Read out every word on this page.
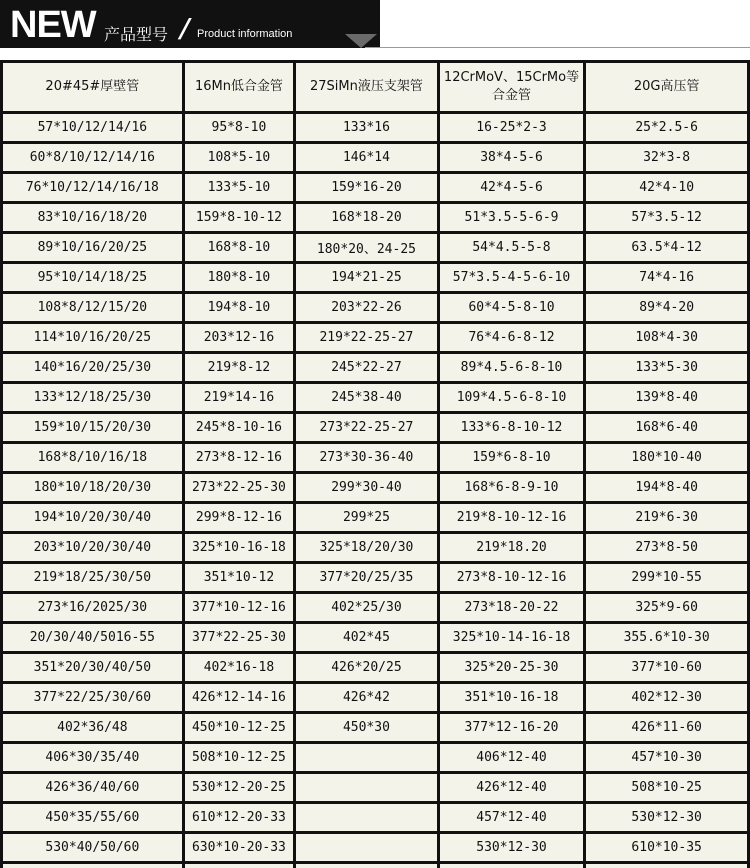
NEW 产品型号 / Product information
20#45#厚壁管	16Mn低合金管	27SiMn液压支架管	12CrMoV、15CrMo等合金管	20G高压管
57*10/12/14/16	95*8-10	133*16	16-25*2-3	25*2.5-6
60*8/10/12/14/16	108*5-10	146*14	38*4-5-6	32*3-8
76*10/12/14/16/18	133*5-10	159*16-20	42*4-5-6	42*4-10
83*10/16/18/20	159*8-10-12	168*18-20	51*3.5-5-6-9	57*3.5-12
89*10/16/20/25	168*8-10	180*20、24-25	54*4.5-5-8	63.5*4-12
95*10/14/18/25	180*8-10	194*21-25	57*3.5-4-5-6-10	74*4-16
108*8/12/15/20	194*8-10	203*22-26	60*4-5-8-10	89*4-20
114*10/16/20/25	203*12-16	219*22-25-27	76*4-6-8-12	108*4-30
140*16/20/25/30	219*8-12	245*22-27	89*4.5-6-8-10	133*5-30
133*12/18/25/30	219*14-16	245*38-40	109*4.5-6-8-10	139*8-40
159*10/15/20/30	245*8-10-16	273*22-25-27	133*6-8-10-12	168*6-40
168*8/10/16/18	273*8-12-16	273*30-36-40	159*6-8-10	180*10-40
180*10/18/20/30	273*22-25-30	299*30-40	168*6-8-9-10	194*8-40
194*10/20/30/40	299*8-12-16	299*25	219*8-10-12-16	219*6-30
203*10/20/30/40	325*10-16-18	325*18/20/30	219*18.20	273*8-50
219*18/25/30/50	351*10-12	377*20/25/35	273*8-10-12-16	299*10-55
273*16/2025/30	377*10-12-16	402*25/30	273*18-20-22	325*9-60
20/30/40/5016-55	377*22-25-30	402*45	325*10-14-16-18	355.6*10-30
351*20/30/40/50	402*16-18	426*20/25	325*20-25-30	377*10-60
377*22/25/30/60	426*12-14-16	426*42	351*10-16-18	402*12-30
402*36/48	450*10-12-25	450*30	377*12-16-20	426*11-60
406*30/35/40	508*10-12-25		406*12-40	457*10-30
426*36/40/60	530*12-20-25		426*12-40	508*10-25
450*35/55/60	610*12-20-33		457*12-40	530*12-30
530*40/50/60	630*10-20-33		530*12-30	610*10-35
